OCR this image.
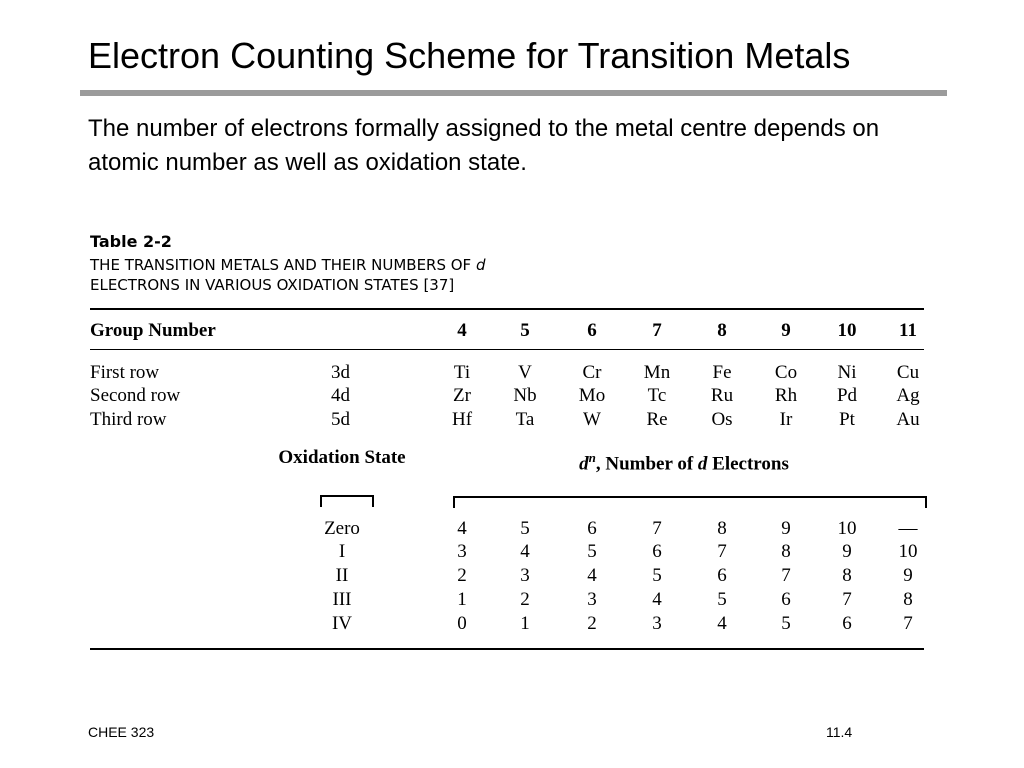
Electron Counting Scheme for Transition Metals
The number of electrons formally assigned to the metal centre depends on atomic number as well as oxidation state.
Table 2-2
THE TRANSITION METALS AND THEIR NUMBERS OF d
ELECTRONS IN VARIOUS OXIDATION STATES [37]
Group Number	4	5	6	7	8	9 10 11
First row	3d	Ti	V	Cr Mn Fe Co Ni Cu
Second row	4d	Zr Nb Mo Tc Ru Rh Pd Ag
Third row	5d	Hf Ta	W Re Os Ir Pt Au
Oxidation State	$d^n$, Number of d Electrons
Zero	4	5	6	7	8	9 10 —
I	3	4	5	6	7	8	9 10
II	2	3	4	5	6	7	8	9
III	1	2	3	4	5	6	7	8
IV	0	1	2	3	4	5	6	7
CHEE 323	11.4
